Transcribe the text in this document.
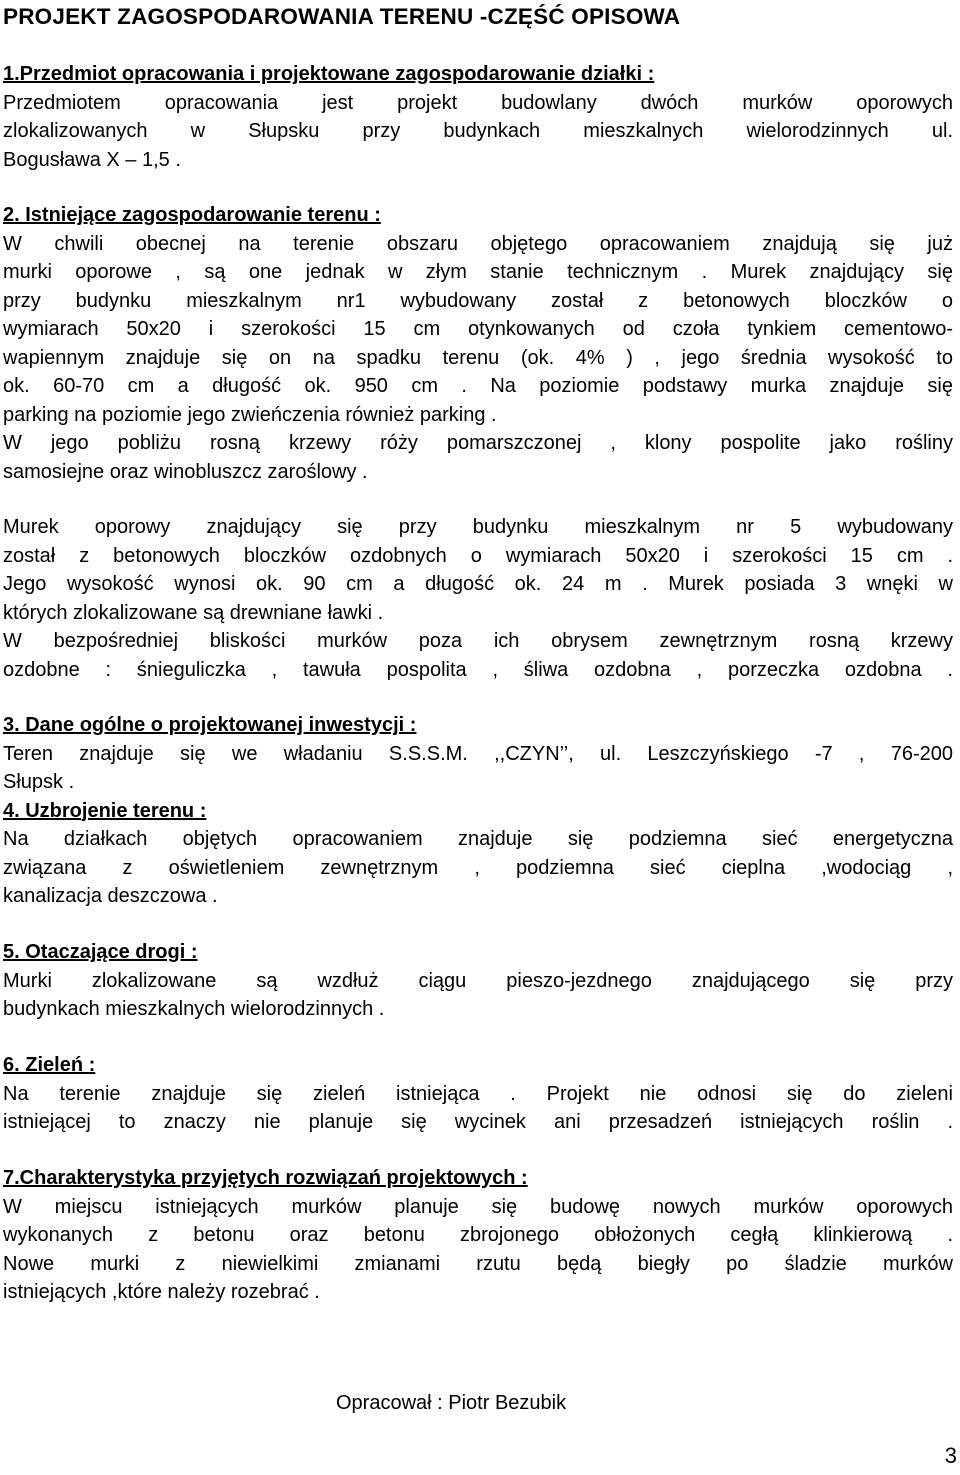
PROJEKT ZAGOSPODAROWANIA TERENU -CZĘŚĆ OPISOWA
1.Przedmiot opracowania i projektowane zagospodarowanie działki :
Przedmiotem opracowania jest projekt budowlany dwóch murków oporowych
zlokalizowanych w Słupsku przy budynkach mieszkalnych wielorodzinnych ul.
Bogusława X – 1,5 .
2. Istniejące zagospodarowanie terenu :
W chwili obecnej na terenie obszaru objętego opracowaniem znajdują się już
murki oporowe , są one jednak w złym stanie technicznym . Murek znajdujący się
przy budynku mieszkalnym nr1 wybudowany został z betonowych bloczków o
wymiarach 50x20 i szerokości 15 cm otynkowanych od czoła tynkiem cementowo-
wapiennym znajduje się on na spadku terenu (ok. 4% ) , jego średnia wysokość to
ok. 60-70 cm a długość ok. 950 cm . Na poziomie podstawy murka znajduje się
parking na poziomie jego zwieńczenia również parking .
W jego pobliżu rosną krzewy róży pomarszczonej , klony pospolite jako rośliny
samosiejne oraz winobluszcz zaroślowy .
Murek oporowy znajdujący się przy budynku mieszkalnym nr 5 wybudowany
został z betonowych bloczków ozdobnych o wymiarach 50x20 i szerokości 15 cm .
Jego wysokość wynosi ok. 90 cm a długość ok. 24 m . Murek posiada 3 wnęki w
których zlokalizowane są drewniane ławki .
W bezpośredniej bliskości murków poza ich obrysem zewnętrznym rosną krzewy
ozdobne : śnieguliczka , tawuła pospolita , śliwa ozdobna , porzeczka ozdobna .
3. Dane ogólne o projektowanej inwestycji :
Teren znajduje się we władaniu S.S.S.M. ,,CZYN’’, ul. Leszczyńskiego -7 , 76-200
Słupsk .
4. Uzbrojenie terenu :
Na działkach objętych opracowaniem znajduje się podziemna sieć energetyczna
związana z oświetleniem zewnętrznym , podziemna sieć cieplna ,wodociąg ,
kanalizacja deszczowa .
5. Otaczające drogi :
Murki zlokalizowane są wzdłuż ciągu pieszo-jezdnego znajdującego się przy
budynkach mieszkalnych wielorodzinnych .
6. Zieleń :
Na terenie znajduje się zieleń istniejąca . Projekt nie odnosi się do zieleni
istniejącej to znaczy nie planuje się wycinek ani przesadzeń istniejących roślin .
7.Charakterystyka przyjętych rozwiązań projektowych :
W miejscu istniejących murków planuje się budowę nowych murków oporowych
wykonanych z betonu oraz betonu zbrojonego obłożonych cegłą klinkierową .
Nowe murki z niewielkimi zmianami rzutu będą biegły po śladzie murków
istniejących ,które należy rozebrać .
Opracował : Piotr Bezubik
3
